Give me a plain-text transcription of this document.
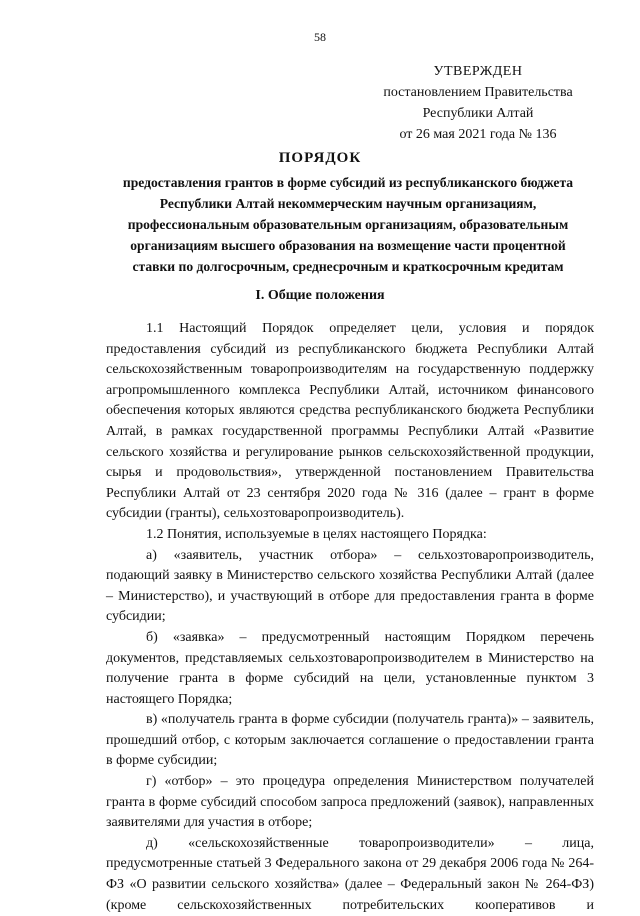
58
УТВЕРЖДЕН
постановлением Правительства
Республики Алтай
от 26 мая 2021 года № 136
ПОРЯДОК
предоставления грантов в форме субсидий из республиканского бюджета Республики Алтай некоммерческим научным организациям, профессиональным образовательным организациям, образовательным организациям высшего образования на возмещение части процентной ставки по долгосрочным, среднесрочным и краткосрочным кредитам
I. Общие положения

1.1 Настоящий Порядок определяет цели, условия и порядок предоставления субсидий из республиканского бюджета Республики Алтай сельскохозяйственным товаропроизводителям на государственную поддержку агропромышленного комплекса Республики Алтай, источником финансового обеспечения которых являются средства республиканского бюджета Республики Алтай, в рамках государственной программы Республики Алтай «Развитие сельского хозяйства и регулирование рынков сельскохозяйственной продукции, сырья и продовольствия», утвержденной постановлением Правительства Республики Алтай от 23 сентября 2020 года № 316 (далее – грант в форме субсидии (гранты), сельхозтоваропроизводитель).

1.2 Понятия, используемые в целях настоящего Порядка:

а) «заявитель, участник отбора» – сельхозтоваропроизводитель, подающий заявку в Министерство сельского хозяйства Республики Алтай (далее – Министерство), и участвующий в отборе для предоставления гранта в форме субсидии;

б) «заявка» – предусмотренный настоящим Порядком перечень документов, представляемых сельхозтоваропроизводителем в Министерство на получение гранта в форме субсидий на цели, установленные пунктом 3 настоящего Порядка;

в) «получатель гранта в форме субсидии (получатель гранта)» – заявитель, прошедший отбор, с которым заключается соглашение о предоставлении гранта в форме субсидии;

г) «отбор» – это процедура определения Министерством получателей гранта в форме субсидий способом запроса предложений (заявок), направленных заявителями для участия в отборе;

д) «сельскохозяйственные товаропроизводители» – лица, предусмотренные статьей 3 Федерального закона от 29 декабря 2006 года № 264-ФЗ «О развитии сельского хозяйства» (далее – Федеральный закон № 264-ФЗ) (кроме сельскохозяйственных потребительских кооперативов и
